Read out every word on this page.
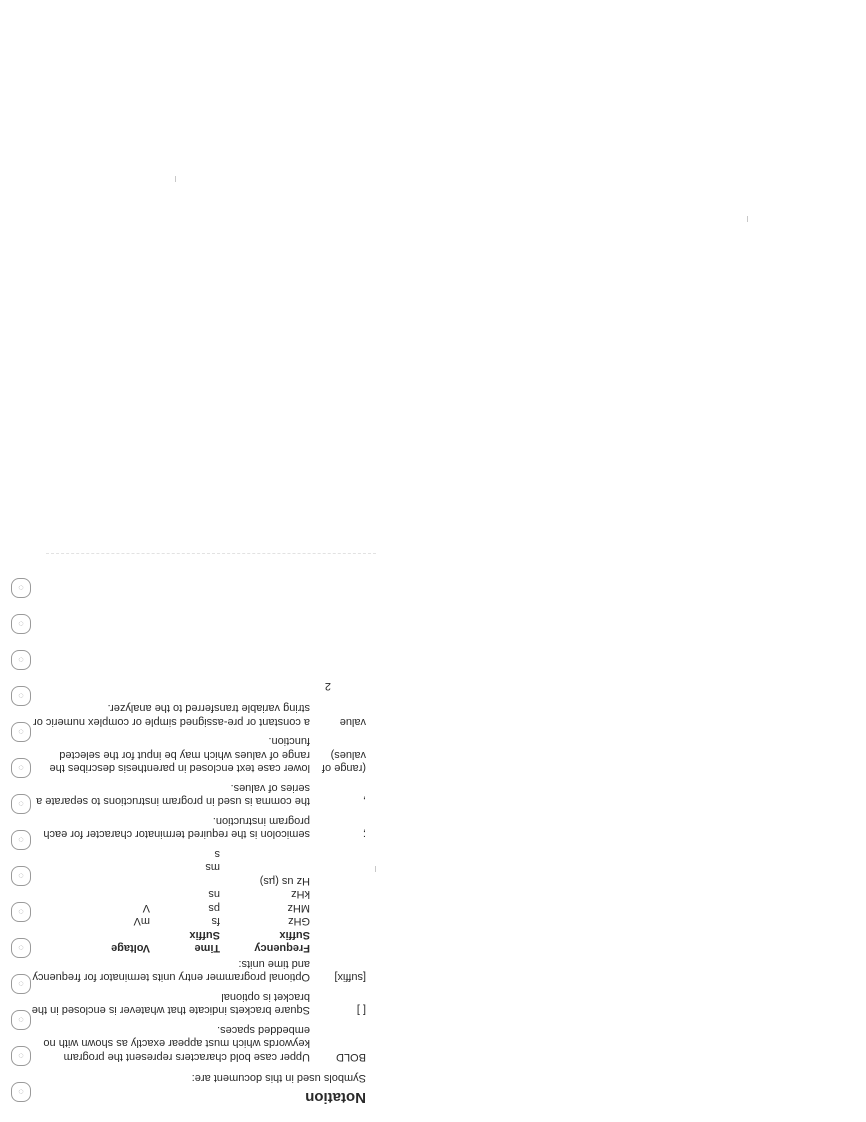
◌
◌
◌
◌
◌
◌
◌
◌
◌
◌
◌
◌
◌
◌
◌
Notation
Symbols used in this document are:
BOLD
Upper case bold characters represent the program keywords which must appear exactly as shown with no embedded spaces.
[ ]
Square brackets indicate that whatever is enclosed in the bracket is optional
[suffix]
Optional programmer entry units terminator for frequency and time units:
Frequency
Time
Voltage
Suffix
Suffix
GHz
fs
mV
MHz
ps
V
kHz
ns
Hz us (µs)
ms
s
;
semicolon is the required terminator character for each program instruction.
,
the comma is used in program instructions to separate a series of values.
(range of values)
lower case text enclosed in parenthesis describes the range of values which may be input for the selected function.
value
a constant or pre-assigned simple or complex numeric or string variable transferred to the analyzer.
2
